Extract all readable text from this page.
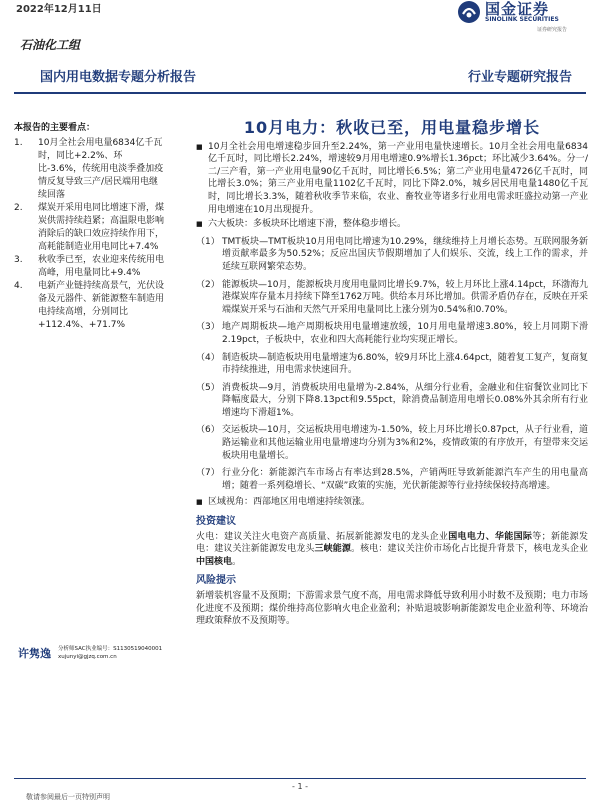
2022年12月11日	国金证券
SINOLINK SECURITIES
证券研究报告
石油化工组
国内用电数据专题分析报告	行业专题研究报告
本报告的主要看点：
1.	10月全社会用电量6834亿千瓦时，同比+2.2%、环比-3.6%，传统用电淡季叠加疫情反复导致三产/居民端用电继续回落
2.	煤炭开采用电同比增速下滑，煤炭供需持续趋紧；高温限电影响消除后的缺口效应持续作用下，高耗能制造业用电同比+7.4%
3.	秋收季已至，农业迎来传统用电高峰，用电量同比+9.4%
4.	电新产业链持续高景气，光伏设备及元器件、新能源整车制造用电持续高增，分别同比+112.4%、+71.7%
许隽逸 分析师SAC执业编号：S1130519040001
xujunyi@gjzq.com.cn
10月电力：秋收已至，用电量稳步增长
■ 10月全社会用电增速稳步回升至2.24%，第一产业用电量快速增长。10月全社会用电量6834亿千瓦时，同比增长2.24%，增速较9月用电增速0.9%增长1.36pct；环比减少3.64%。分一/二/三产看，第一产业用电量90亿千瓦时，同比增长6.5%；第二产业用电量4726亿千瓦时，同比增长3.0%；第三产业用电量1102亿千瓦时，同比下降2.0%，城乡居民用电量1480亿千瓦时，同比增长3.3%，随着秋收季节来临，农业、畜牧业等诸多行业用电需求旺盛拉动第一产业用电增速在10月出现提升。
■ 六大板块：多板块环比增速下滑，整体稳步增长。
（1） TMT板块—TMT板块10月用电同比增速为10.29%，继续维持上月增长态势。互联网服务新增贡献率最多为50.52%；反应出国庆节假期增加了人们娱乐、交流，线上工作的需求，并延续互联网繁荣态势。
（2） 能源板块—10月，能源板块月度用电量同比增长9.7%，较上月环比上涨4.14pct，环渤海九港煤炭库存量本月持续下降至1762万吨。供给本月环比增加。供需矛盾仍存在，反映在开采端煤炭开采与石油和天然气开采用电量同比上涨分别为0.54%和0.70%。
（3） 地产周期板块—地产周期板块用电量增速放缓，10月用电量增速3.80%，较上月同期下滑2.19pct，子板块中，农业和四大高耗能行业均实现正增长。
（4） 制造板块—制造板块用电量增速为6.80%，较9月环比上涨4.64pct，随着复工复产，复商复市持续推进，用电需求快速回升。
（5） 消费板块—9月，消费板块用电量增为-2.84%，从细分行业看，金融业和住宿餐饮业同比下降幅度最大，分别下降8.13pct和9.55pct，除消费品制造用电增长0.08%外其余所有行业增速均下滑超1%。
（6） 交运板块—10月，交运板块用电增速为-1.50%，较上月环比增长0.87pct，从子行业看，道路运输业和其他运输业用电量增速均分别为3%和2%，疫情政策的有序放开，有望带来交运板块用电量增长。
（7） 行业分化：新能源汽车市场占有率达到28.5%，产销两旺导致新能源汽车产生的用电量高增；随着一系列稳增长、“双碳”政策的实施，光伏新能源等行业持续保较持高增速。
■ 区域视角：西部地区用电增速持续领涨。
投资建议
火电：建议关注火电资产高质量、拓展新能源发电的龙头企业国电电力、华能国际等；新能源发电：建议关注新能源发电龙头三峡能源。核电：建议关注价市场化占比提升背景下，核电龙头企业中国核电。
风险提示
新增装机容量不及预期；下游需求景气度不高，用电需求降低导致利用小时数不及预期；电力市场化进度不及预期；煤价维持高位影响火电企业盈利；补贴退坡影响新能源发电企业盈利等、环境治理政策释放不及预期等。
- 1 -
敬请参阅最后一页特别声明
